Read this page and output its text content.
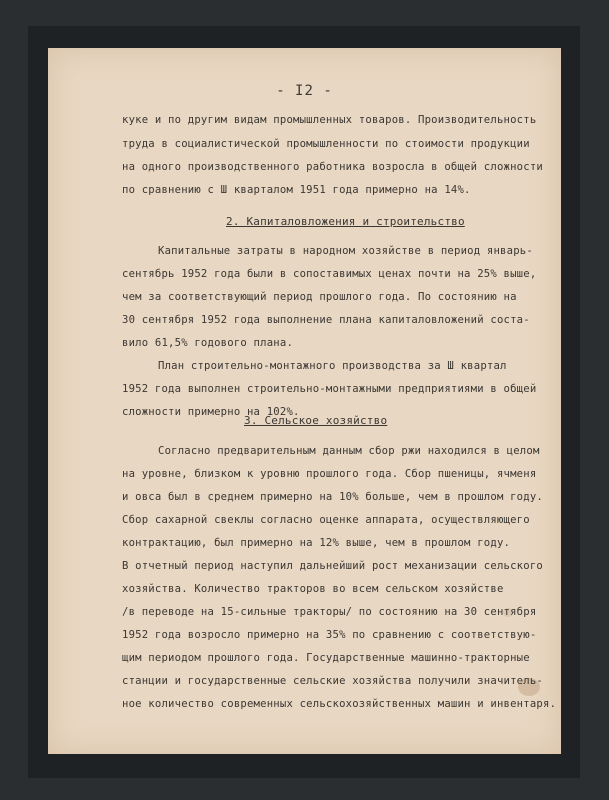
- I2 -
куке и по другим видам промышленных товаров. Производительность
труда в социалистической промышленности по стоимости продукции
на одного производственного работника возросла в общей сложности
по сравнению с Ш кварталом 1951 года примерно на 14%.
2. Капиталовложения и строительство
Капитальные затраты в народном хозяйстве в период январь-
сентябрь 1952 года были в сопоставимых ценах почти на 25% выше,
чем за соответствующий период прошлого года. По состоянию на
30 сентября 1952 года выполнение плана капиталовложений соста-
вило 61,5% годового плана.
План строительно-монтажного производства за Ш квартал
1952 года выполнен строительно-монтажными предприятиями в общей
сложности примерно на 102%.
3. Сельское хозяйство
Согласно предварительным данным сбор ржи находился в целом
на уровне, близком к уровню прошлого года. Сбор пшеницы, ячменя
и овса был в среднем примерно на 10% больше, чем в прошлом году.
Сбор сахарной свеклы согласно оценке аппарата, осуществляющего
контрактацию, был примерно на 12% выше, чем в прошлом году.
В отчетный период наступил дальнейший рост механизации сельского
хозяйства. Количество тракторов во всем сельском хозяйстве
/в переводе на 15-сильные тракторы/ по состоянию на 30 сентября
1952 года возросло примерно на 35% по сравнению с соответствую-
щим периодом прошлого года. Государственные машинно-тракторные
станции и государственные сельские хозяйства получили значитель-
ное количество современных сельскохозяйственных машин и инвентаря.
